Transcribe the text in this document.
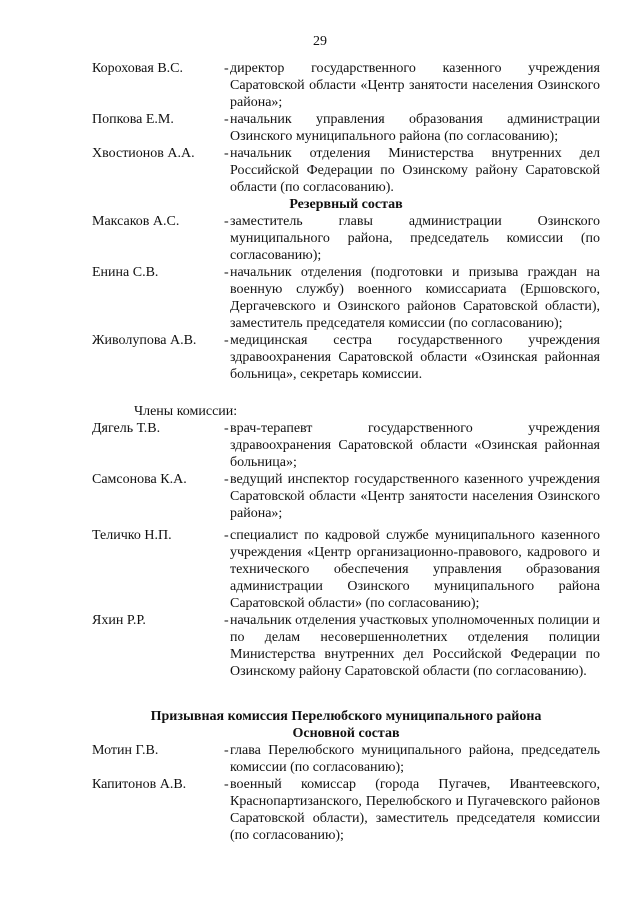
29
Короховая В.С.	- директор государственного казенного учреждения Саратовской области «Центр занятости населения Озинского района»;
Попкова Е.М.	- начальник управления образования администрации Озинского муниципального района (по согласованию);
Хвостионов А.А.	- начальник отделения Министерства внутренних дел Российской Федерации по Озинскому району Саратовской области (по согласованию).
Резервный состав
Максаков А.С.	- заместитель главы администрации Озинского муниципального района, председатель комиссии (по согласованию);
Енина С.В.	- начальник отделения (подготовки и призыва граждан на военную службу) военного комиссариата (Ершовского, Дергачевского и Озинского районов Саратовской области), заместитель председателя комиссии (по согласованию);
Живолупова А.В.	- медицинская сестра государственного учреждения здравоохранения Саратовской области «Озинская районная больница», секретарь комиссии.
Члены комиссии:
Дягель Т.В.	- врач-терапевт государственного учреждения здравоохранения Саратовской области «Озинская районная больница»;
Самсонова К.А.	- ведущий инспектор государственного казенного учреждения Саратовской области «Центр занятости населения Озинского района»;
Теличко Н.П.	- специалист по кадровой службе муниципального казенного учреждения «Центр организационно-правового, кадрового и технического обеспечения управления образования администрации Озинского муниципального района Саратовской области» (по согласованию);
Яхин Р.Р.	- начальник отделения участковых уполномоченных полиции и по делам несовершеннолетних отделения полиции Министерства внутренних дел Российской Федерации по Озинскому району Саратовской области (по согласованию).
Призывная комиссия Перелюбского муниципального района
Основной состав
Мотин Г.В.	- глава Перелюбского муниципального района, председатель комиссии (по согласованию);
Капитонов А.В.	- военный комиссар (города Пугачев, Ивантеевского, Краснопартизанского, Перелюбского и Пугачевского районов Саратовской области), заместитель председателя комиссии (по согласованию);
